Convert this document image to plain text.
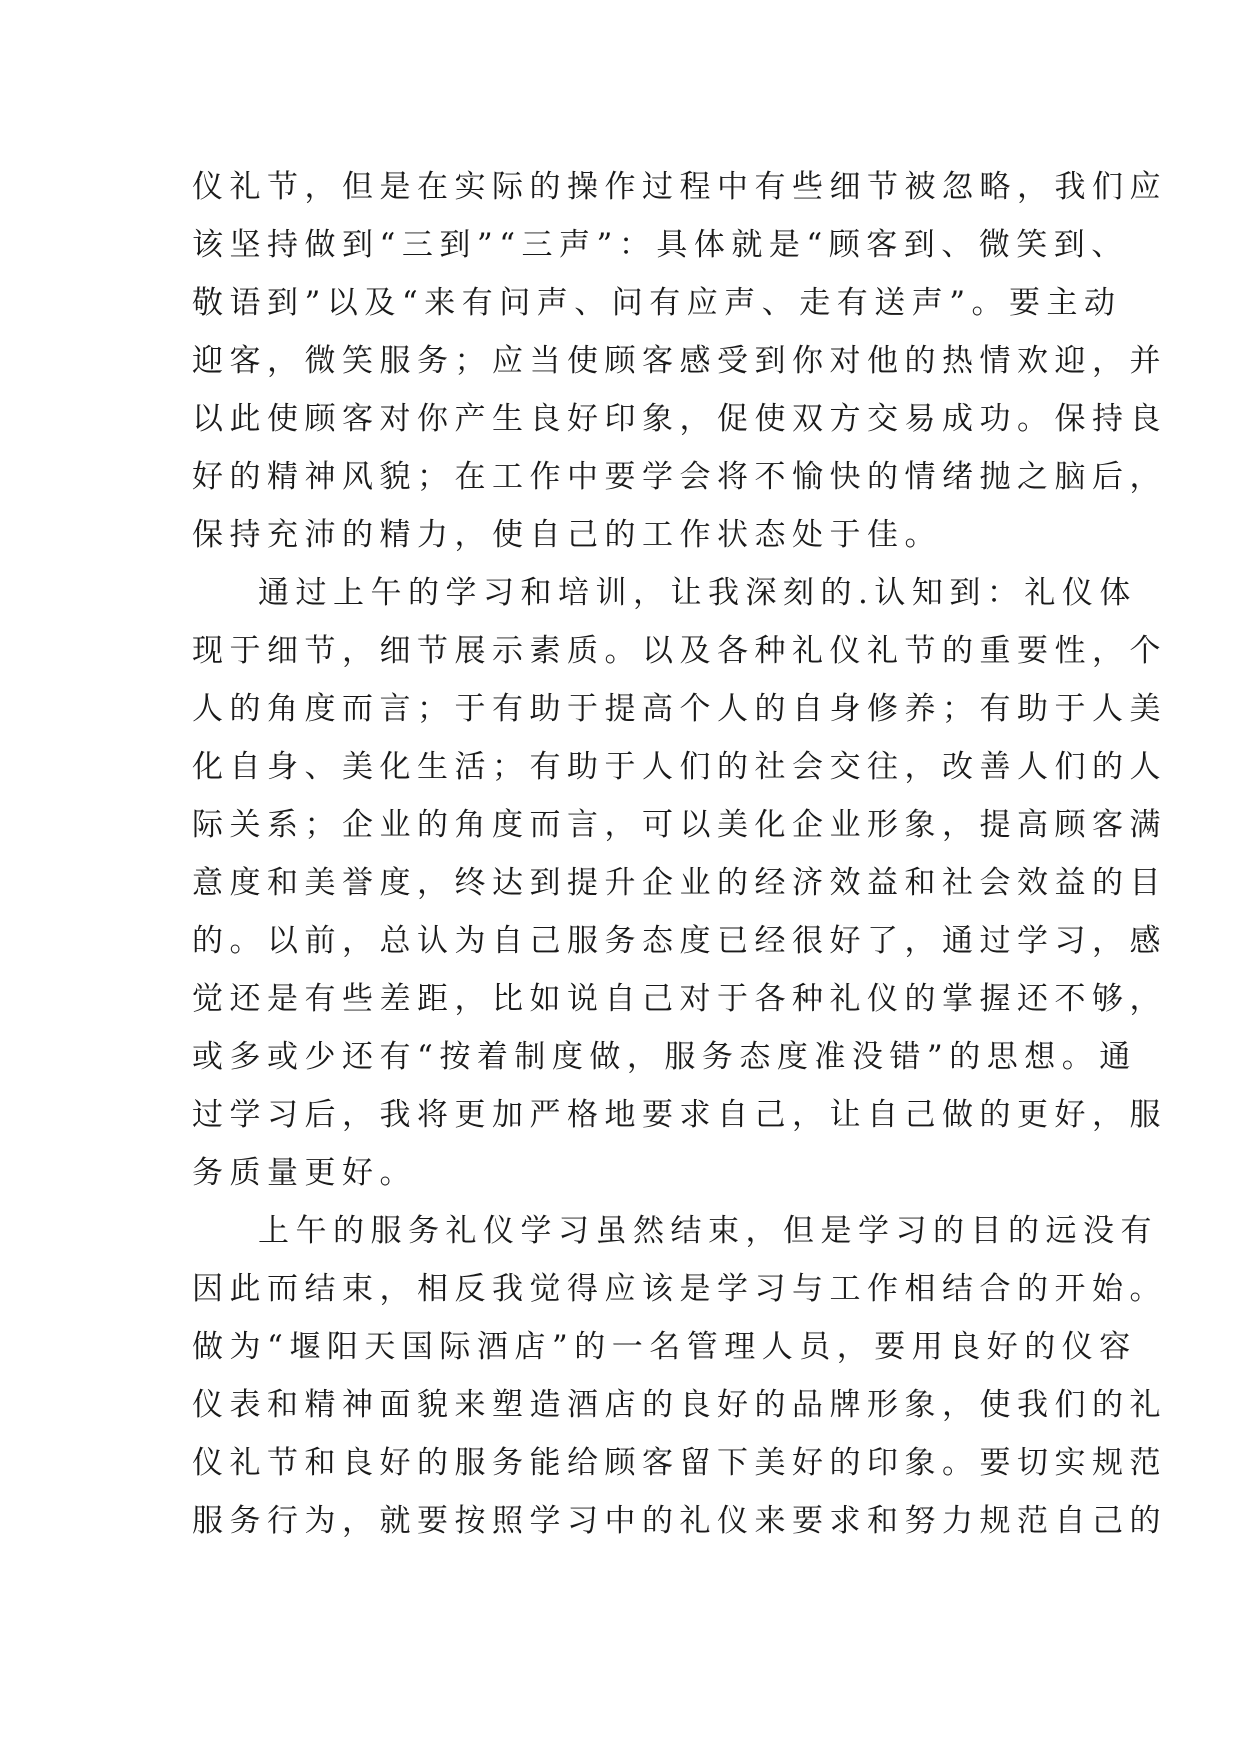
仪礼节，但是在实际的操作过程中有些细节被忽略，我们应
该坚持做到“三到”“三声”：具体就是“顾客到、微笑到、
敬语到”以及“来有问声、问有应声、走有送声”。要主动
迎客，微笑服务；应当使顾客感受到你对他的热情欢迎，并
以此使顾客对你产生良好印象，促使双方交易成功。保持良
好的精神风貌；在工作中要学会将不愉快的情绪抛之脑后，
保持充沛的精力，使自己的工作状态处于佳。
通过上午的学习和培训，让我深刻的.认知到：礼仪体
现于细节，细节展示素质。以及各种礼仪礼节的重要性，个
人的角度而言；于有助于提高个人的自身修养；有助于人美
化自身、美化生活；有助于人们的社会交往，改善人们的人
际关系；企业的角度而言，可以美化企业形象，提高顾客满
意度和美誉度，终达到提升企业的经济效益和社会效益的目
的。以前，总认为自己服务态度已经很好了，通过学习，感
觉还是有些差距，比如说自己对于各种礼仪的掌握还不够，
或多或少还有“按着制度做，服务态度准没错”的思想。通
过学习后，我将更加严格地要求自己，让自己做的更好，服
务质量更好。
上午的服务礼仪学习虽然结束，但是学习的目的远没有
因此而结束，相反我觉得应该是学习与工作相结合的开始。
做为“堰阳天国际酒店”的一名管理人员，要用良好的仪容
仪表和精神面貌来塑造酒店的良好的品牌形象，使我们的礼
仪礼节和良好的服务能给顾客留下美好的印象。要切实规范
服务行为，就要按照学习中的礼仪来要求和努力规范自己的
